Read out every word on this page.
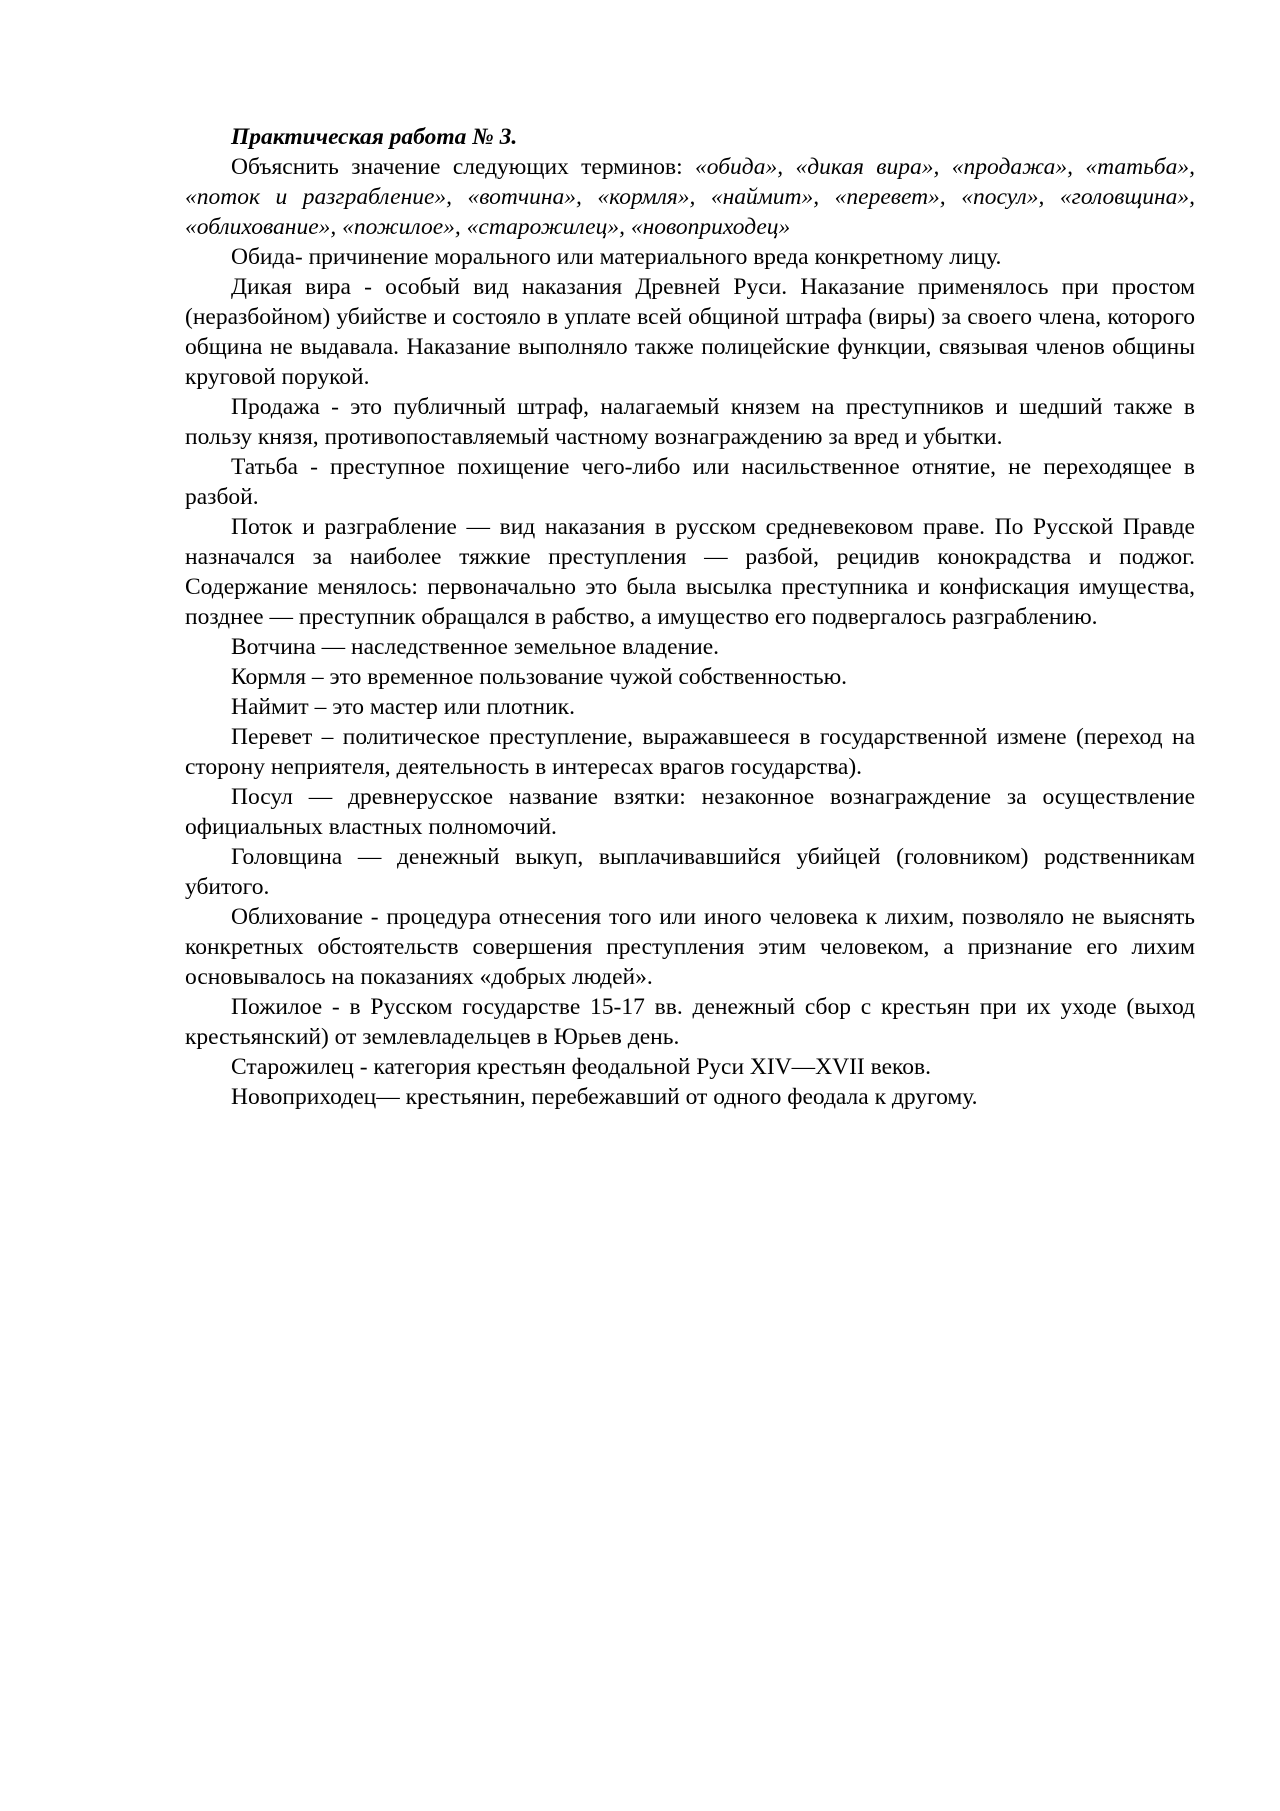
Практическая работа № 3.

Объяснить значение следующих терминов: «обида», «дикая вира», «продажа», «татьба», «поток и разграбление», «вотчина», «кормля», «наймит», «перевет», «посул», «головщина», «облихование», «пожилое», «старожилец», «новоприходец»

Обида- причинение морального или материального вреда конкретному лицу.

Дикая вира - особый вид наказания Древней Руси. Наказание применялось при простом (неразбойном) убийстве и состояло в уплате всей общиной штрафа (виры) за своего члена, которого община не выдавала. Наказание выполняло также полицейские функции, связывая членов общины круговой порукой.

Продажа - это публичный штраф, налагаемый князем на преступников и шедший также в пользу князя, противопоставляемый частному вознаграждению за вред и убытки.

Татьба - преступное похищение чего-либо или насильственное отнятие, не переходящее в разбой.

Поток и разграбление — вид наказания в русском средневековом праве. По Русской Правде назначался за наиболее тяжкие преступления — разбой, рецидив конокрадства и поджог. Содержание менялось: первоначально это была высылка преступника и конфискация имущества, позднее — преступник обращался в рабство, а имущество его подвергалось разграблению.

Вотчина — наследственное земельное владение.

Кормля – это временное пользование чужой собственностью.

Наймит – это мастер или плотник.

Перевет – политическое преступление, выражавшееся в государственной измене (переход на сторону неприятеля, деятельность в интересах врагов государства).

Посул — древнерусское название взятки: незаконное вознаграждение за осуществление официальных властных полномочий.

Головщина — денежный выкуп, выплачивавшийся убийцей (головником) родственникам убитого.

Облихование - процедура отнесения того или иного человека к лихим, позволяло не выяснять конкретных обстоятельств совершения преступления этим человеком, а признание его лихим основывалось на показаниях «добрых людей».

Пожилое - в Русском государстве 15-17 вв. денежный сбор с крестьян при их уходе (выход крестьянский) от землевладельцев в Юрьев день.

Старожилец - категория крестьян феодальной Руси XIV—XVII веков.

Новоприходец— крестьянин, перебежавший от одного феодала к другому.
